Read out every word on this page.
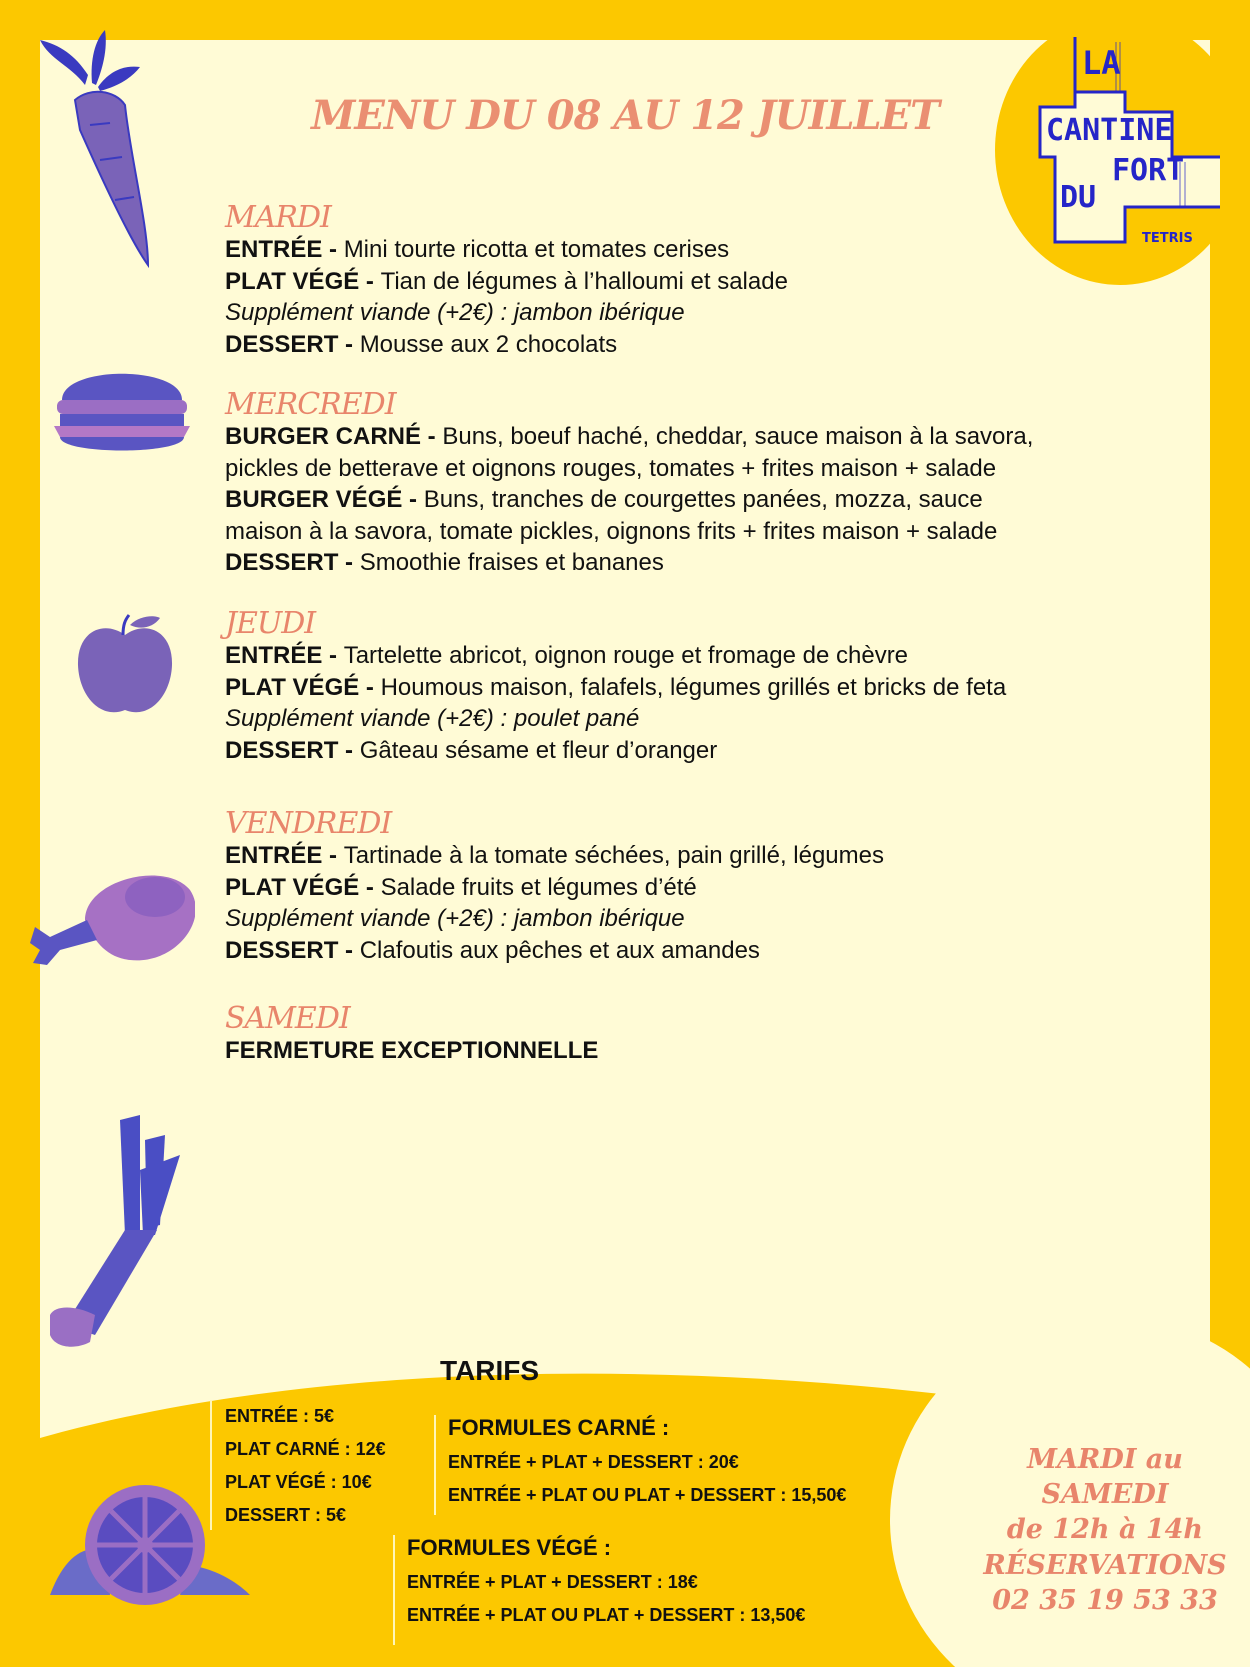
LA
CANTINE
FORT
DU
TETRIS
MENU DU 08 AU 12 JUILLET
MARDI
ENTRÉE - Mini tourte ricotta et tomates cerises
PLAT VÉGÉ - Tian de légumes à l’halloumi et salade
Supplément viande (+2€) : jambon ibérique
DESSERT - Mousse aux 2 chocolats
MERCREDI
BURGER CARNÉ - Buns, boeuf haché, cheddar, sauce maison à la savora,
pickles de betterave et oignons rouges, tomates + frites maison + salade
BURGER VÉGÉ - Buns, tranches de courgettes panées, mozza, sauce
maison à la savora, tomate pickles, oignons frits + frites maison + salade
DESSERT - Smoothie fraises et bananes
JEUDI
ENTRÉE - Tartelette abricot, oignon rouge et fromage de chèvre
PLAT VÉGÉ - Houmous maison, falafels, légumes grillés et bricks de feta
Supplément viande (+2€) : poulet pané
DESSERT - Gâteau sésame et fleur d’oranger
VENDREDI
ENTRÉE - Tartinade à la tomate séchées, pain grillé, légumes
PLAT VÉGÉ - Salade fruits et légumes d’été
Supplément viande (+2€) : jambon ibérique
DESSERT - Clafoutis aux pêches et aux amandes
SAMEDI
FERMETURE EXCEPTIONNELLE
TARIFS
ENTRÉE : 5€
PLAT CARNÉ : 12€
PLAT VÉGÉ : 10€
DESSERT : 5€
FORMULES CARNÉ :
ENTRÉE + PLAT + DESSERT : 20€
ENTRÉE + PLAT OU PLAT + DESSERT : 15,50€
FORMULES VÉGÉ :
ENTRÉE + PLAT + DESSERT : 18€
ENTRÉE + PLAT OU PLAT + DESSERT : 13,50€
MARDI au SAMEDI
de 12h à 14h
RÉSERVATIONS
02 35 19 53 33
